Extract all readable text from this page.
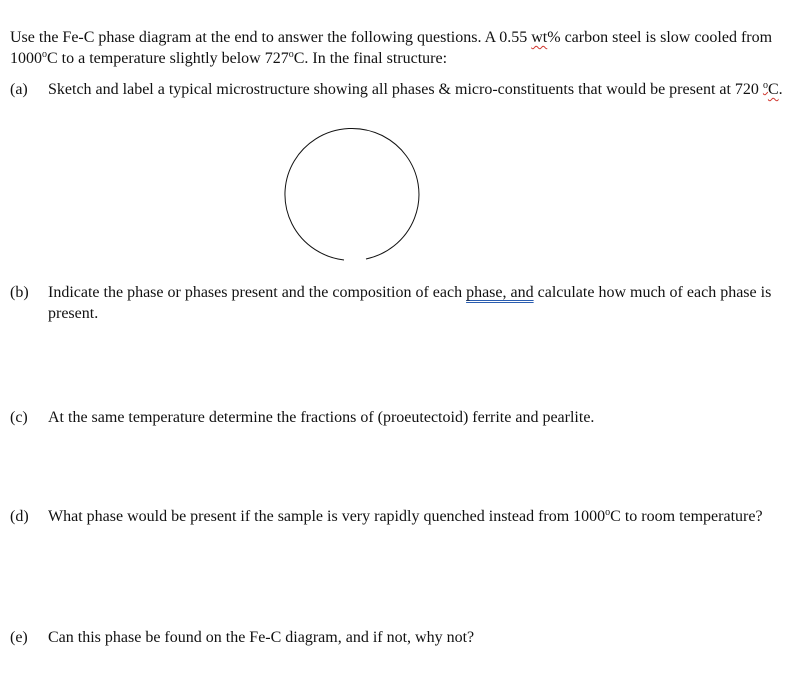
Use the Fe-C phase diagram at the end to answer the following questions. A 0.55 wt% carbon steel is slow cooled from 1000$^o$C to a temperature slightly below 727$^o$C. In the final structure:

(a) Sketch and label a typical microstructure showing all phases & micro-constituents that would be present at 720 $^o$C.
(b) Indicate the phase or phases present and the composition of each phase, and calculate how much of each phase is present.
(c) At the same temperature determine the fractions of (proeutectoid) ferrite and pearlite.
(d) What phase would be present if the sample is very rapidly quenched instead from 1000$^o$C to room temperature?
(e) Can this phase be found on the Fe-C diagram, and if not, why not?
